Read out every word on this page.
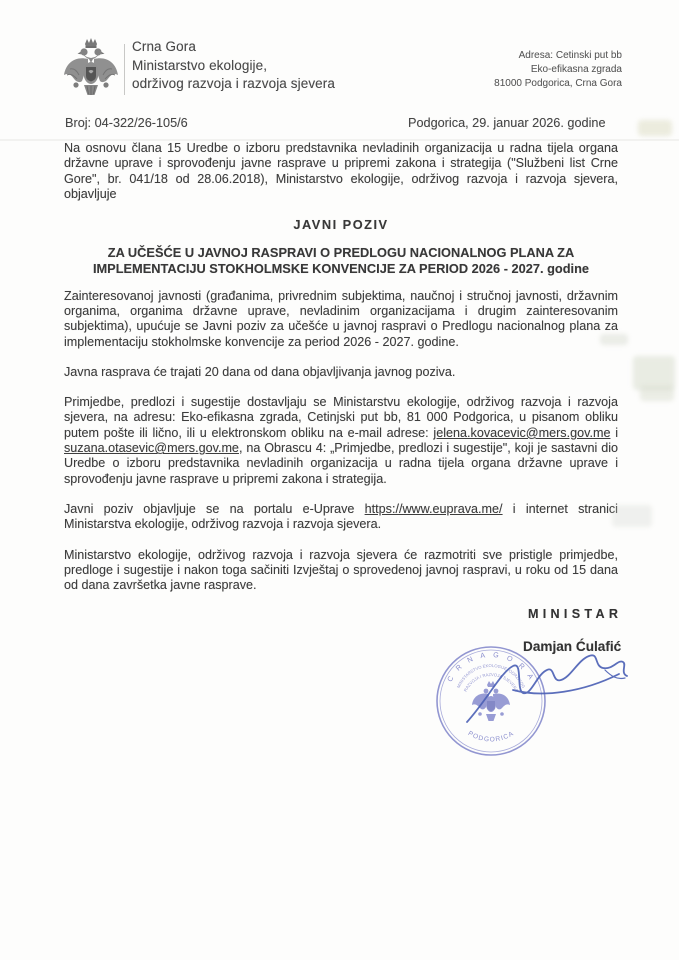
Crna Gora
Ministarstvo ekologije,
održivog razvoja i razvoja sjevera
Adresa: Cetinski put bb
Eko-efikasna zgrada
81000 Podgorica, Crna Gora
Broj: 04-322/26-105/6	Podgorica, 29. januar 2026. godine

Na osnovu člana 15 Uredbe o izboru predstavnika nevladinih organizacija u radna tijela organa državne uprave i sprovođenju javne rasprave u pripremi zakona i strategija ("Službeni list Crne Gore", br. 041/18 od 28.06.2018), Ministarstvo ekologije, održivog razvoja i razvoja sjevera, objavljuje

JAVNI POZIV
ZA UČEŠĆE U JAVNOJ RASPRAVI O PREDLOGU NACIONALNOG PLANA ZA
IMPLEMENTACIJU STOKHOLMSKE KONVENCIJE ZA PERIOD 2026 - 2027. godine

Zainteresovanoj javnosti (građanima, privrednim subjektima, naučnoj i stručnoj javnosti, državnim organima, organima državne uprave, nevladinim organizacijama i drugim zainteresovanim subjektima), upućuje se Javni poziv za učešće u javnoj raspravi o Predlogu nacionalnog plana za implementaciju stokholmske konvencije za period 2026 - 2027. godine.

Javna rasprava će trajati 20 dana od dana objavljivanja javnog poziva.

Primjedbe, predlozi i sugestije dostavljaju se Ministarstvu ekologije, održivog razvoja i razvoja sjevera, na adresu: Eko-efikasna zgrada, Cetinjski put bb, 81 000 Podgorica, u pisanom obliku putem pošte ili lično, ili u elektronskom obliku na e-mail adrese: jelena.kovacevic@mers.gov.me i suzana.otasevic@mers.gov.me, na Obrascu 4: „Primjedbe, predlozi i sugestije", koji je sastavni dio Uredbe o izboru predstavnika nevladinih organizacija u radna tijela organa državne uprave i sprovođenju javne rasprave u pripremi zakona i strategija.

Javni poziv objavljuje se na portalu e-Uprave https://www.euprava.me/ i internet stranici Ministarstva ekologije, održivog razvoja i razvoja sjevera.

Ministarstvo ekologije, održivog razvoja i razvoja sjevera će razmotriti sve pristigle primjedbe, predloge i sugestije i nakon toga sačiniti Izvještaj o sprovedenoj javnoj raspravi, u roku od 15 dana od dana završetka javne rasprave.

MINISTAR
Damjan Ćulafić
C R N A G O R A
PODGORICA
MINISTARSTVO EKOLOGIJE, ODRŽIVOG
RAZVOJA I RAZVOJA SJEVERA
